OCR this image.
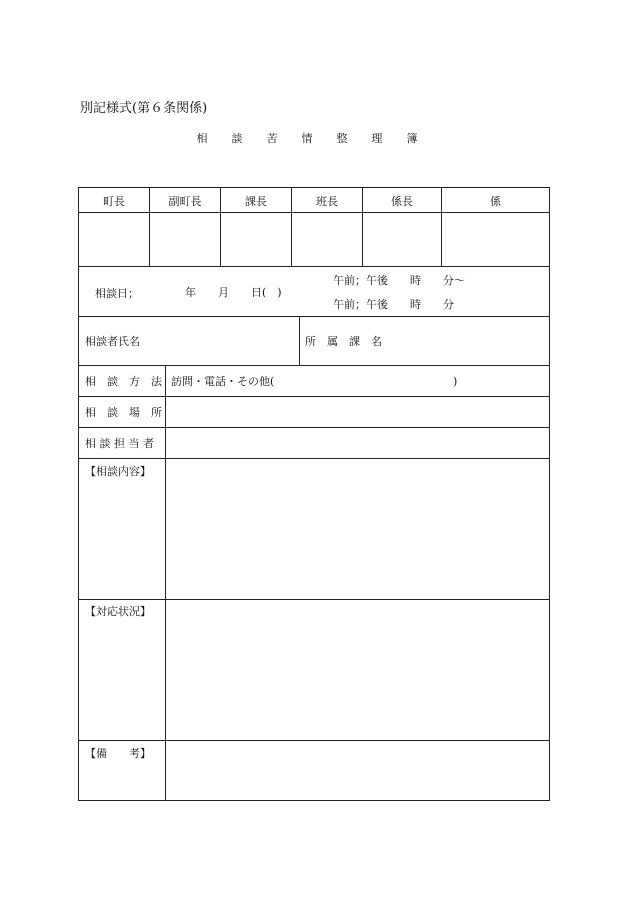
別記様式(第６条関係)
相談苦情整理簿
町長	副町長	課長	班長	係長	係
相談日；	年 月 日(　)
午前；午後 時 分〜
午前；午後 時 分
相談者氏名	所　属　課　名
相　談　方　法 訪問・電話・その他(	)
相　談　場　所
相 談 担 当 者
【相談内容】
【対応状況】
【備　　考】
